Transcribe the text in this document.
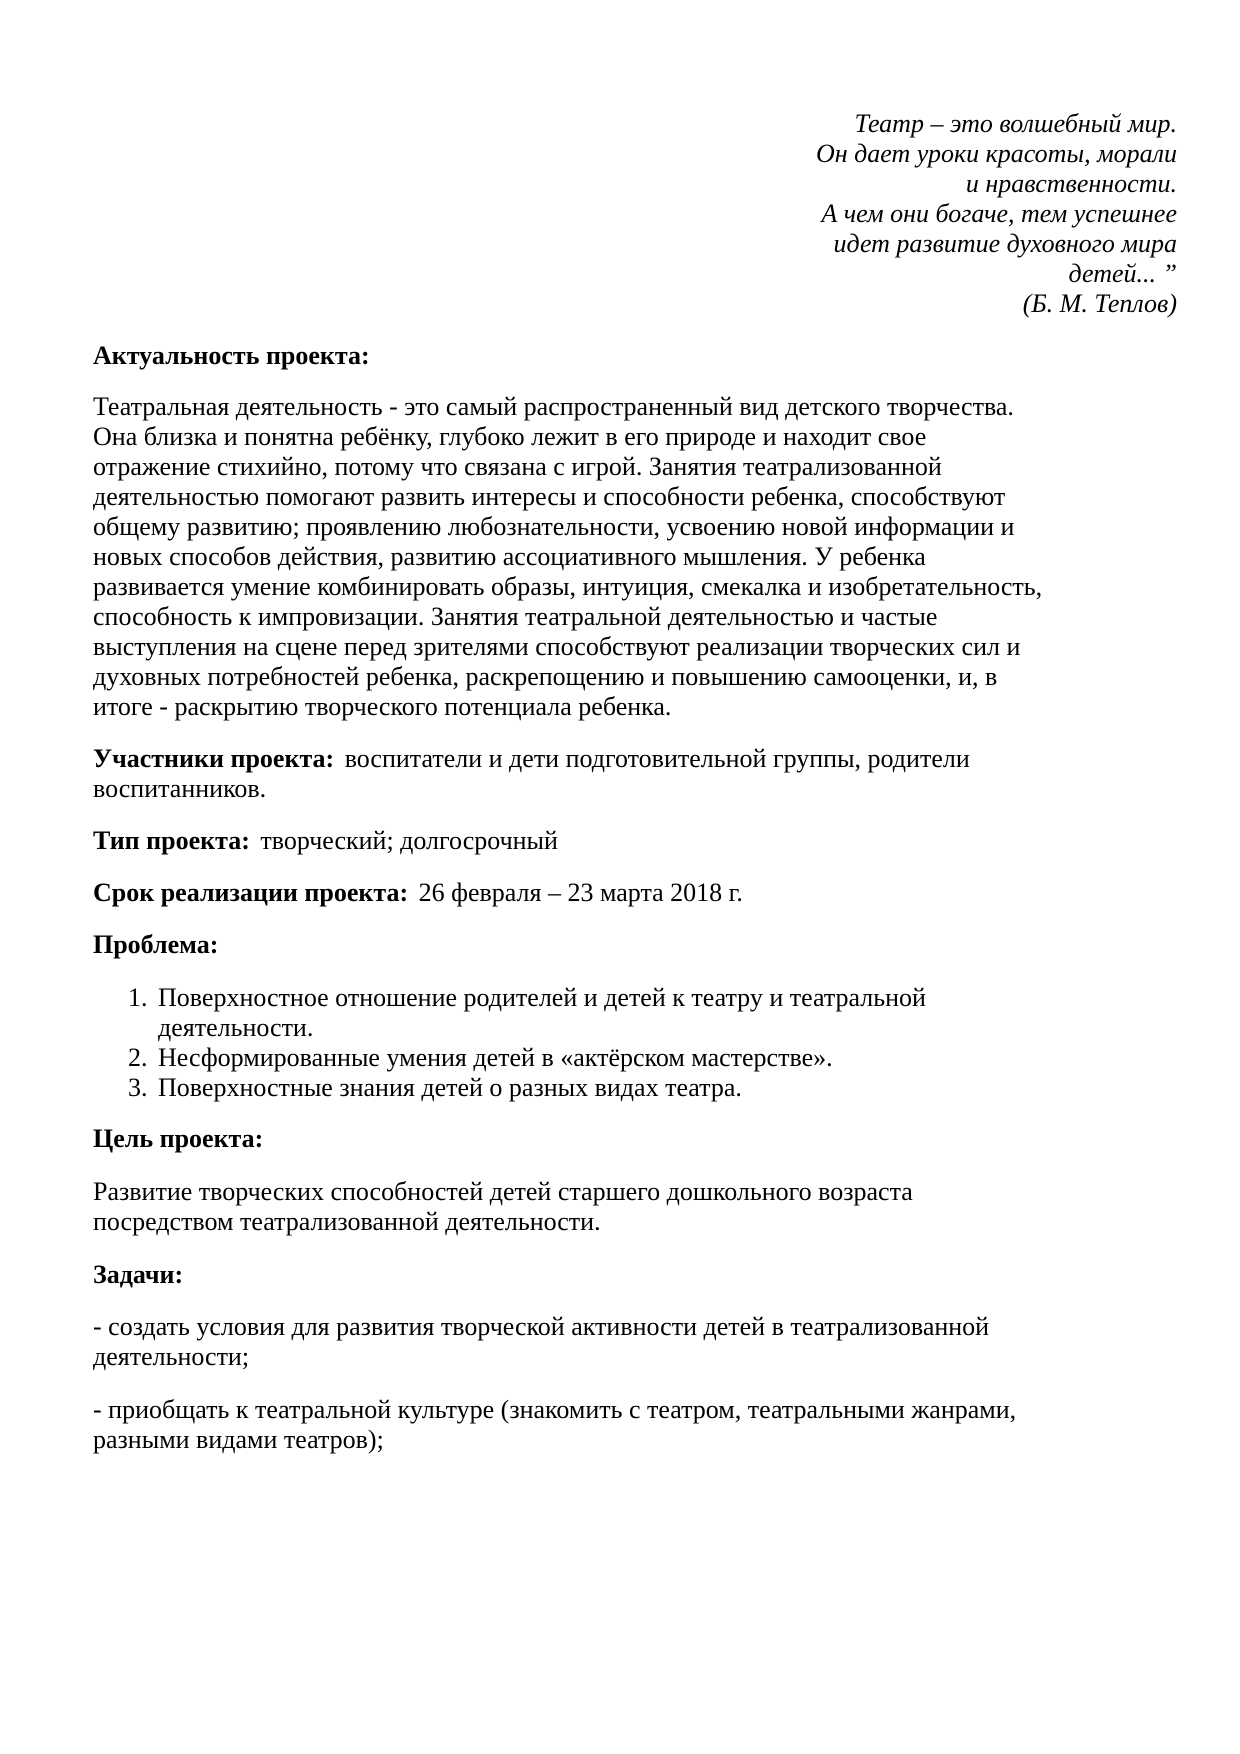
Театр – это волшебный мир.
Он дает уроки красоты, морали
и нравственности.
А чем они богаче, тем успешнее
идет развитие духовного мира
детей... ”
(Б. М. Теплов)
Актуальность проекта:
Театральная деятельность - это самый распространенный вид детского творчества.
Она близка и понятна ребёнку, глубоко лежит в его природе и находит свое
отражение стихийно, потому что связана с игрой. Занятия театрализованной
деятельностью помогают развить интересы и способности ребенка, способствуют
общему развитию; проявлению любознательности, усвоению новой информации и
новых способов действия, развитию ассоциативного мышления. У ребенка
развивается умение комбинировать образы, интуиция, смекалка и изобретательность,
способность к импровизации. Занятия театральной деятельностью и частые
выступления на сцене перед зрителями способствуют реализации творческих сил и
духовных потребностей ребенка, раскрепощению и повышению самооценки, и, в
итоге - раскрытию творческого потенциала ребенка.
Участники проекта: воспитатели и дети подготовительной группы, родители
воспитанников.
Тип проекта: творческий; долгосрочный
Срок реализации проекта: 26 февраля – 23 марта 2018 г.
Проблема:
1. Поверхностное отношение родителей и детей к театру и театральной
деятельности.
2. Несформированные умения детей в «актёрском мастерстве».
3. Поверхностные знания детей о разных видах театра.
Цель проекта:
Развитие творческих способностей детей старшего дошкольного возраста
посредством театрализованной деятельности.
Задачи:
- создать условия для развития творческой активности детей в театрализованной
деятельности;
- приобщать к театральной культуре (знакомить с театром, театральными жанрами,
разными видами театров);
